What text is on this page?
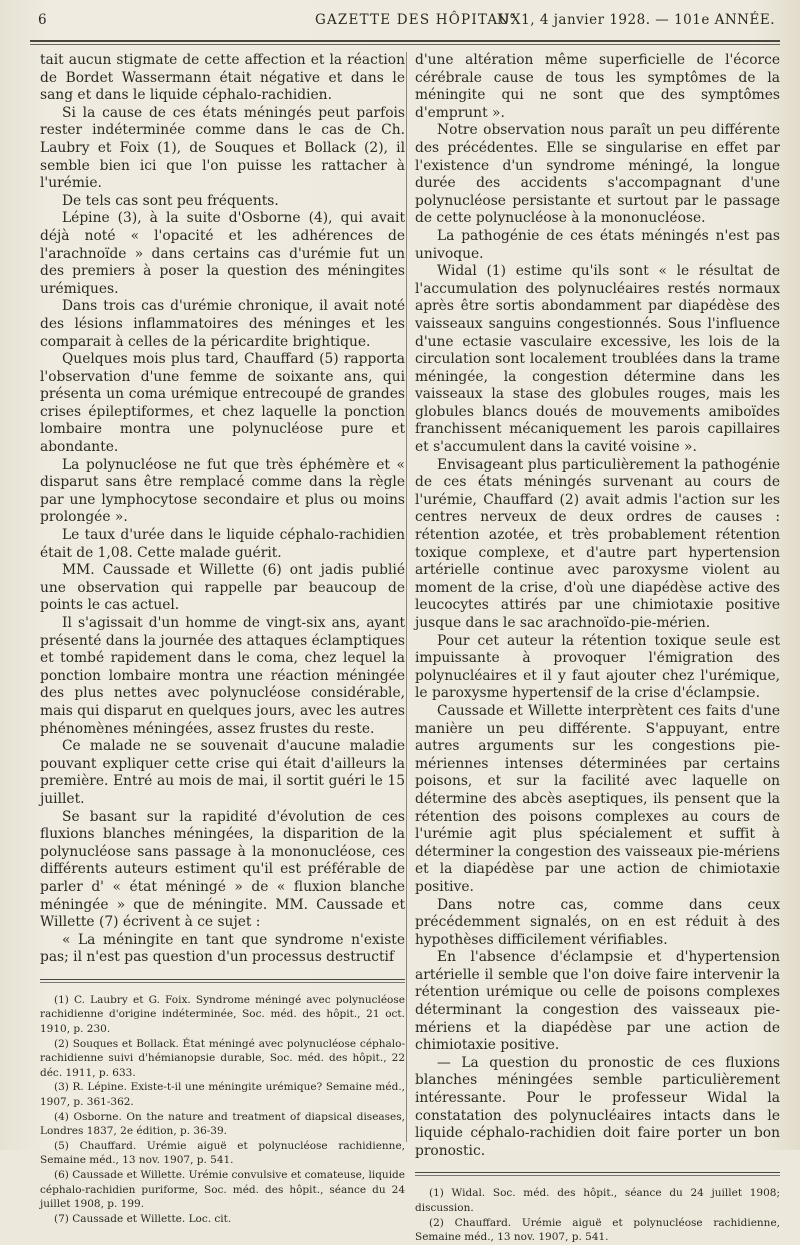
6	GAZETTE DES HÔPITAUX
N° 1, 4 janvier 1928. — 101e ANNÉE.

tait aucun stigmate de cette affection et la réaction de Bordet Wassermann était négative et dans le sang et dans le liquide céphalo-rachidien.

Si la cause de ces états méningés peut parfois rester indéterminée comme dans le cas de Ch. Laubry et Foix (1), de Souques et Bollack (2), il semble bien ici que l'on puisse les rattacher à l'urémie.

De tels cas sont peu fréquents.

Lépine (3), à la suite d'Osborne (4), qui avait déjà noté « l'opacité et les adhérences de l'arachnoïde » dans certains cas d'urémie fut un des premiers à poser la question des méningites urémiques.

Dans trois cas d'urémie chronique, il avait noté des lésions inflammatoires des méninges et les comparait à celles de la péricardite brightique.

Quelques mois plus tard, Chauffard (5) rapporta l'observation d'une femme de soixante ans, qui présenta un coma urémique entrecoupé de grandes crises épileptiformes, et chez laquelle la ponction lombaire montra une polynucléose pure et abondante.

La polynucléose ne fut que très éphémère et « disparut sans être remplacé comme dans la règle par une lymphocytose secondaire et plus ou moins prolongée ».

Le taux d'urée dans le liquide céphalo-rachidien était de 1,08. Cette malade guérit.

MM. Caussade et Willette (6) ont jadis publié une observation qui rappelle par beaucoup de points le cas actuel.

Il s'agissait d'un homme de vingt-six ans, ayant présenté dans la journée des attaques éclamptiques et tombé rapidement dans le coma, chez lequel la ponction lombaire montra une réaction méningée des plus nettes avec polynucléose considérable, mais qui disparut en quelques jours, avec les autres phénomènes méningées, assez frustes du reste.

Ce malade ne se souvenait d'aucune maladie pouvant expliquer cette crise qui était d'ailleurs la première. Entré au mois de mai, il sortit guéri le 15 juillet.

Se basant sur la rapidité d'évolution de ces fluxions blanches méningées, la disparition de la polynucléose sans passage à la mononucléose, ces différents auteurs estiment qu'il est préférable de parler d' « état méningé » de « fluxion blanche méningée » que de méningite. MM. Caussade et Willette (7) écrivent à ce sujet :

« La méningite en tant que syndrome n'existe pas; il n'est pas question d'un processus destructif

(1) C. Laubry et G. Foix. Syndrome méningé avec polynucléose rachidienne d'origine indéterminée, Soc. méd. des hôpit., 21 oct. 1910, p. 230.

(2) Souques et Bollack. État méningé avec polynucléose céphalo-rachidienne suivi d'hémianopsie durable, Soc. méd. des hôpit., 22 déc. 1911, p. 633.

(3) R. Lépine. Existe-t-il une méningite urémique? Semaine méd., 1907, p. 361-362.

(4) Osborne. On the nature and treatment of diapsical diseases, Londres 1837, 2e édition, p. 36-39.

(5) Chauffard. Urémie aiguë et polynucléose rachidienne, Semaine méd., 13 nov. 1907, p. 541.

(6) Caussade et Willette. Urémie convulsive et comateuse, liquide céphalo-rachidien puriforme, Soc. méd. des hôpit., séance du 24 juillet 1908, p. 199.

(7) Caussade et Willette. Loc. cit.

d'une altération même superficielle de l'écorce cérébrale cause de tous les symptômes de la méningite qui ne sont que des symptômes d'emprunt ».

Notre observation nous paraît un peu différente des précédentes. Elle se singularise en effet par l'existence d'un syndrome méningé, la longue durée des accidents s'accompagnant d'une polynucléose persistante et surtout par le passage de cette polynucléose à la mononucléose.

La pathogénie de ces états méningés n'est pas univoque.

Widal (1) estime qu'ils sont « le résultat de l'accumulation des polynucléaires restés normaux après être sortis abondamment par diapédèse des vaisseaux sanguins congestionnés. Sous l'influence d'une ectasie vasculaire excessive, les lois de la circulation sont localement troublées dans la trame méningée, la congestion détermine dans les vaisseaux la stase des globules rouges, mais les globules blancs doués de mouvements amiboïdes franchissent mécaniquement les parois capillaires et s'accumulent dans la cavité voisine ».

Envisageant plus particulièrement la pathogénie de ces états méningés survenant au cours de l'urémie, Chauffard (2) avait admis l'action sur les centres nerveux de deux ordres de causes : rétention azotée, et très probablement rétention toxique complexe, et d'autre part hypertension artérielle continue avec paroxysme violent au moment de la crise, d'où une diapédèse active des leucocytes attirés par une chimiotaxie positive jusque dans le sac arachnoïdo-pie-mérien.

Pour cet auteur la rétention toxique seule est impuissante à provoquer l'émigration des polynucléaires et il y faut ajouter chez l'urémique, le paroxysme hypertensif de la crise d'éclampsie.

Caussade et Willette interprètent ces faits d'une manière un peu différente. S'appuyant, entre autres arguments sur les congestions pie-mériennes intenses déterminées par certains poisons, et sur la facilité avec laquelle on détermine des abcès aseptiques, ils pensent que la rétention des poisons complexes au cours de l'urémie agit plus spécialement et suffit à déterminer la congestion des vaisseaux pie-mériens et la diapédèse par une action de chimiotaxie positive.

Dans notre cas, comme dans ceux précédemment signalés, on en est réduit à des hypothèses difficilement vérifiables.

En l'absence d'éclampsie et d'hypertension artérielle il semble que l'on doive faire intervenir la rétention urémique ou celle de poisons complexes déterminant la congestion des vaisseaux pie-mériens et la diapédèse par une action de chimiotaxie positive.

— La question du pronostic de ces fluxions blanches méningées semble particulièrement intéressante. Pour le professeur Widal la constatation des polynucléaires intacts dans le liquide céphalo-rachidien doit faire porter un bon pronostic.

(1) Widal. Soc. méd. des hôpit., séance du 24 juillet 1908; discussion.

(2) Chauffard. Urémie aiguë et polynucléose rachidienne, Semaine méd., 13 nov. 1907, p. 541.
